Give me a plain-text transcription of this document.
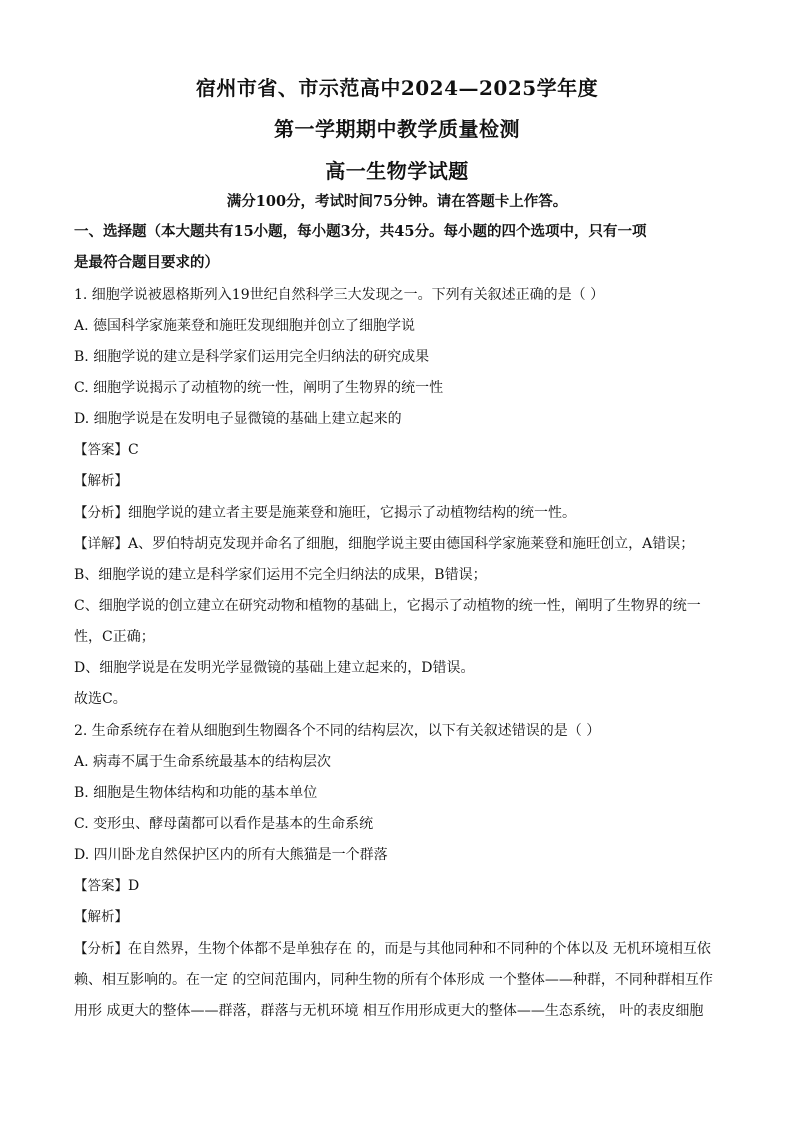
宿州市省、市示范高中2024—2025学年度
第一学期期中教学质量检测
高一生物学试题
满分100分，考试时间75分钟。请在答题卡上作答。
一、选择题（本大题共有15小题，每小题3分，共45分。每小题的四个选项中，只有一项
是最符合题目要求的）
1. 细胞学说被恩格斯列入19世纪自然科学三大发现之一。下列有关叙述正确的是（ ）
A. 德国科学家施莱登和施旺发现细胞并创立了细胞学说
B. 细胞学说的建立是科学家们运用完全归纳法的研究成果
C. 细胞学说揭示了动植物的统一性，阐明了生物界的统一性
D. 细胞学说是在发明电子显微镜的基础上建立起来的
【答案】C
【解析】
【分析】细胞学说的建立者主要是施莱登和施旺，它揭示了动植物结构的统一性。
【详解】A、罗伯特胡克发现并命名了细胞，细胞学说主要由德国科学家施莱登和施旺创立，A错误；
B、细胞学说的建立是科学家们运用不完全归纳法的成果，B错误；
C、细胞学说的创立建立在研究动物和植物的基础上，它揭示了动植物的统一性，阐明了生物界的统一
性，C正确；
D、细胞学说是在发明光学显微镜的基础上建立起来的，D错误。
故选C。
2. 生命系统存在着从细胞到生物圈各个不同的结构层次，以下有关叙述错误的是（ ）
A. 病毒不属于生命系统最基本的结构层次
B. 细胞是生物体结构和功能的基本单位
C. 变形虫、酵母菌都可以看作是基本的生命系统
D. 四川卧龙自然保护区内的所有大熊猫是一个群落
【答案】D
【解析】
【分析】在自然界，生物个体都不是单独存在 的，而是与其他同种和不同种的个体以及 无机环境相互依
赖、相互影响的。在一定 的空间范围内，同种生物的所有个体形成 一个整体——种群，不同种群相互作
用形 成更大的整体——群落，群落与无机环境 相互作用形成更大的整体——生态系统， 叶的表皮细胞
